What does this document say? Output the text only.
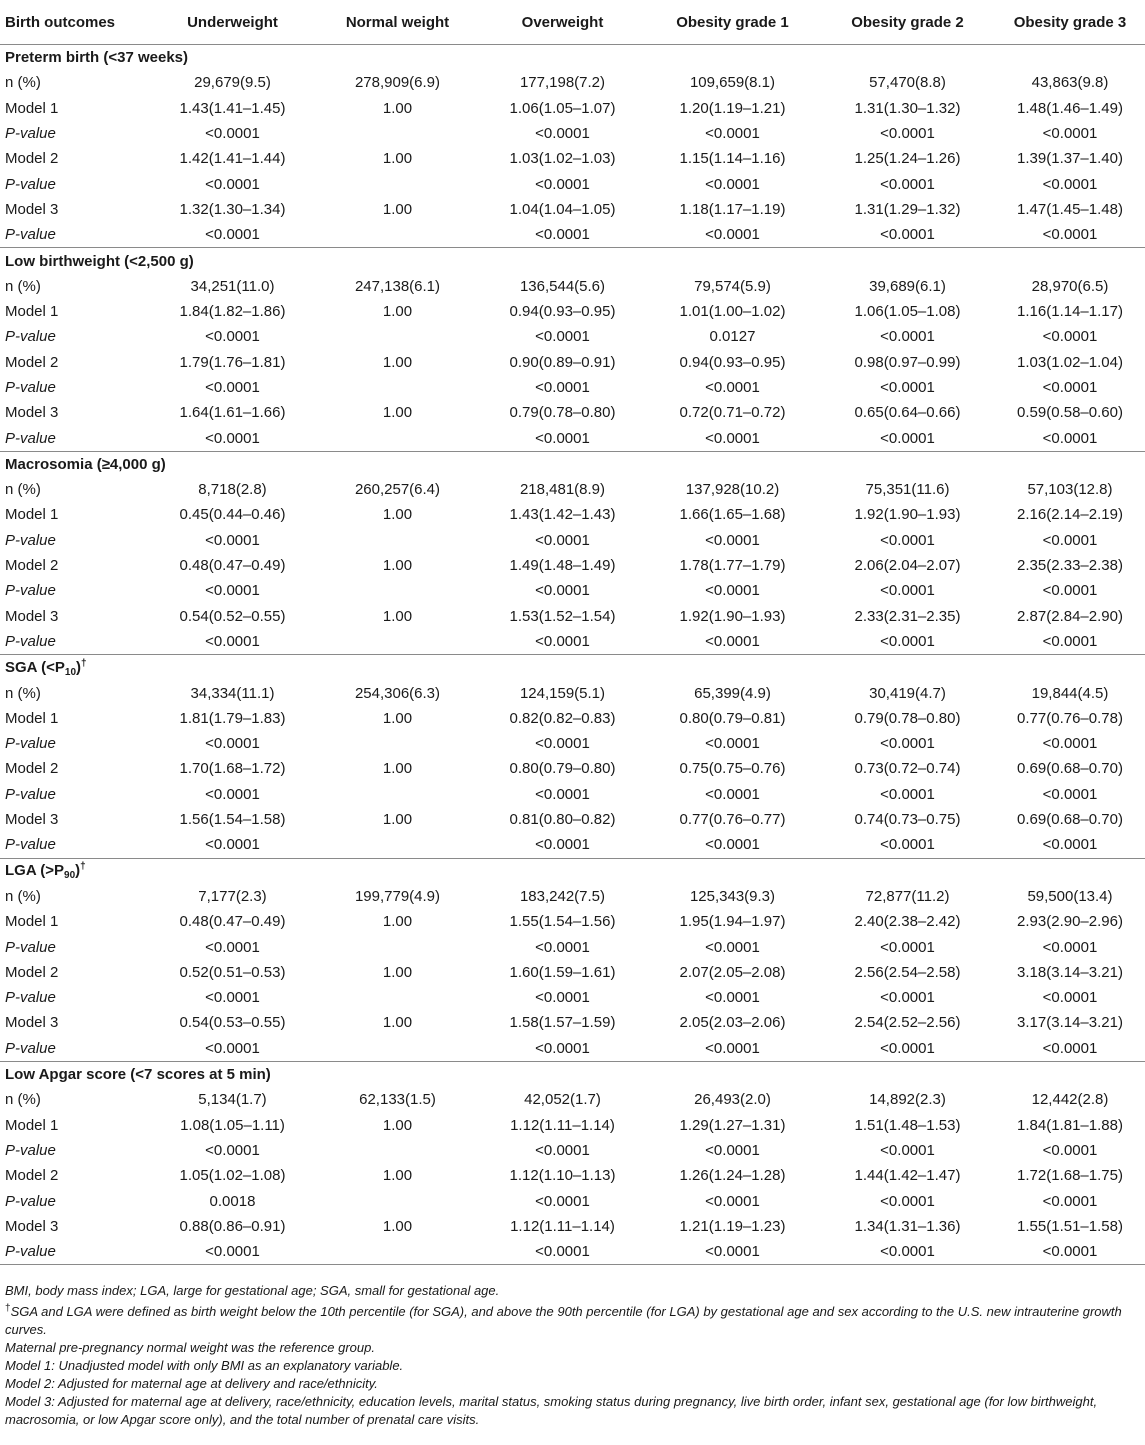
Birth outcomes	Underweight	Normal weight	Overweight	Obesity grade 1	Obesity grade 2	Obesity grade 3
Preterm birth (<37 weeks)						
n (%)	29,679(9.5)	278,909(6.9)	177,198(7.2)	109,659(8.1)	57,470(8.8)	43,863(9.8)
Model 1	1.43(1.41–1.45)	1.00	1.06(1.05–1.07)	1.20(1.19–1.21)	1.31(1.30–1.32)	1.48(1.46–1.49)
P-value	<0.0001		<0.0001	<0.0001	<0.0001	<0.0001
Model 2	1.42(1.41–1.44)	1.00	1.03(1.02–1.03)	1.15(1.14–1.16)	1.25(1.24–1.26)	1.39(1.37–1.40)
P-value	<0.0001		<0.0001	<0.0001	<0.0001	<0.0001
Model 3	1.32(1.30–1.34)	1.00	1.04(1.04–1.05)	1.18(1.17–1.19)	1.31(1.29–1.32)	1.47(1.45–1.48)
P-value	<0.0001		<0.0001	<0.0001	<0.0001	<0.0001
Low birthweight (<2,500 g)						
n (%)	34,251(11.0)	247,138(6.1)	136,544(5.6)	79,574(5.9)	39,689(6.1)	28,970(6.5)
Model 1	1.84(1.82–1.86)	1.00	0.94(0.93–0.95)	1.01(1.00–1.02)	1.06(1.05–1.08)	1.16(1.14–1.17)
P-value	<0.0001		<0.0001	0.0127	<0.0001	<0.0001
Model 2	1.79(1.76–1.81)	1.00	0.90(0.89–0.91)	0.94(0.93–0.95)	0.98(0.97–0.99)	1.03(1.02–1.04)
P-value	<0.0001		<0.0001	<0.0001	<0.0001	<0.0001
Model 3	1.64(1.61–1.66)	1.00	0.79(0.78–0.80)	0.72(0.71–0.72)	0.65(0.64–0.66)	0.59(0.58–0.60)
P-value	<0.0001		<0.0001	<0.0001	<0.0001	<0.0001
Macrosomia (≥4,000 g)						
n (%)	8,718(2.8)	260,257(6.4)	218,481(8.9)	137,928(10.2)	75,351(11.6)	57,103(12.8)
Model 1	0.45(0.44–0.46)	1.00	1.43(1.42–1.43)	1.66(1.65–1.68)	1.92(1.90–1.93)	2.16(2.14–2.19)
P-value	<0.0001		<0.0001	<0.0001	<0.0001	<0.0001
Model 2	0.48(0.47–0.49)	1.00	1.49(1.48–1.49)	1.78(1.77–1.79)	2.06(2.04–2.07)	2.35(2.33–2.38)
P-value	<0.0001		<0.0001	<0.0001	<0.0001	<0.0001
Model 3	0.54(0.52–0.55)	1.00	1.53(1.52–1.54)	1.92(1.90–1.93)	2.33(2.31–2.35)	2.87(2.84–2.90)
P-value	<0.0001		<0.0001	<0.0001	<0.0001	<0.0001
SGA $(<P_{10})^\dagger$
n (%)	34,334(11.1)	254,306(6.3)	124,159(5.1)	65,399(4.9)	30,419(4.7)	19,844(4.5)
Model 1	1.81(1.79–1.83)	1.00	0.82(0.82–0.83)	0.80(0.79–0.81)	0.79(0.78–0.80)	0.77(0.76–0.78)
P-value	<0.0001		<0.0001	<0.0001	<0.0001	<0.0001
Model 2	1.70(1.68–1.72)	1.00	0.80(0.79–0.80)	0.75(0.75–0.76)	0.73(0.72–0.74)	0.69(0.68–0.70)
P-value	<0.0001		<0.0001	<0.0001	<0.0001	<0.0001
Model 3	1.56(1.54–1.58)	1.00	0.81(0.80–0.82)	0.77(0.76–0.77)	0.74(0.73–0.75)	0.69(0.68–0.70)
P-value	<0.0001		<0.0001	<0.0001	<0.0001	<0.0001
LGA $(>P_{90})^\dagger$
n (%)	7,177(2.3)	199,779(4.9)	183,242(7.5)	125,343(9.3)	72,877(11.2)	59,500(13.4)
Model 1	0.48(0.47–0.49)	1.00	1.55(1.54–1.56)	1.95(1.94–1.97)	2.40(2.38–2.42)	2.93(2.90–2.96)
P-value	<0.0001		<0.0001	<0.0001	<0.0001	<0.0001
Model 2	0.52(0.51–0.53)	1.00	1.60(1.59–1.61)	2.07(2.05–2.08)	2.56(2.54–2.58)	3.18(3.14–3.21)
P-value	<0.0001		<0.0001	<0.0001	<0.0001	<0.0001
Model 3	0.54(0.53–0.55)	1.00	1.58(1.57–1.59)	2.05(2.03–2.06)	2.54(2.52–2.56)	3.17(3.14–3.21)
P-value	<0.0001		<0.0001	<0.0001	<0.0001	<0.0001
Low Apgar score (<7 scores at 5 min)						
n (%)	5,134(1.7)	62,133(1.5)	42,052(1.7)	26,493(2.0)	14,892(2.3)	12,442(2.8)
Model 1	1.08(1.05–1.11)	1.00	1.12(1.11–1.14)	1.29(1.27–1.31)	1.51(1.48–1.53)	1.84(1.81–1.88)
P-value	<0.0001		<0.0001	<0.0001	<0.0001	<0.0001
Model 2	1.05(1.02–1.08)	1.00	1.12(1.10–1.13)	1.26(1.24–1.28)	1.44(1.42–1.47)	1.72(1.68–1.75)
P-value	0.0018		<0.0001	<0.0001	<0.0001	<0.0001
Model 3	0.88(0.86–0.91)	1.00	1.12(1.11–1.14)	1.21(1.19–1.23)	1.34(1.31–1.36)	1.55(1.51–1.58)
P-value	<0.0001		<0.0001	<0.0001	<0.0001	<0.0001

BMI, body mass index; LGA, large for gestational age; SGA, small for gestational age.

†SGA and LGA were defined as birth weight below the 10th percentile (for SGA), and above the 90th percentile (for LGA) by gestational age and sex according to the U.S. new intrauterine growth curves.

Maternal pre-pregnancy normal weight was the reference group.

Model 1: Unadjusted model with only BMI as an explanatory variable.

Model 2: Adjusted for maternal age at delivery and race/ethnicity.

Model 3: Adjusted for maternal age at delivery, race/ethnicity, education levels, marital status, smoking status during pregnancy, live birth order, infant sex, gestational age (for low birthweight, macrosomia, or low Apgar score only), and the total number of prenatal care visits.
